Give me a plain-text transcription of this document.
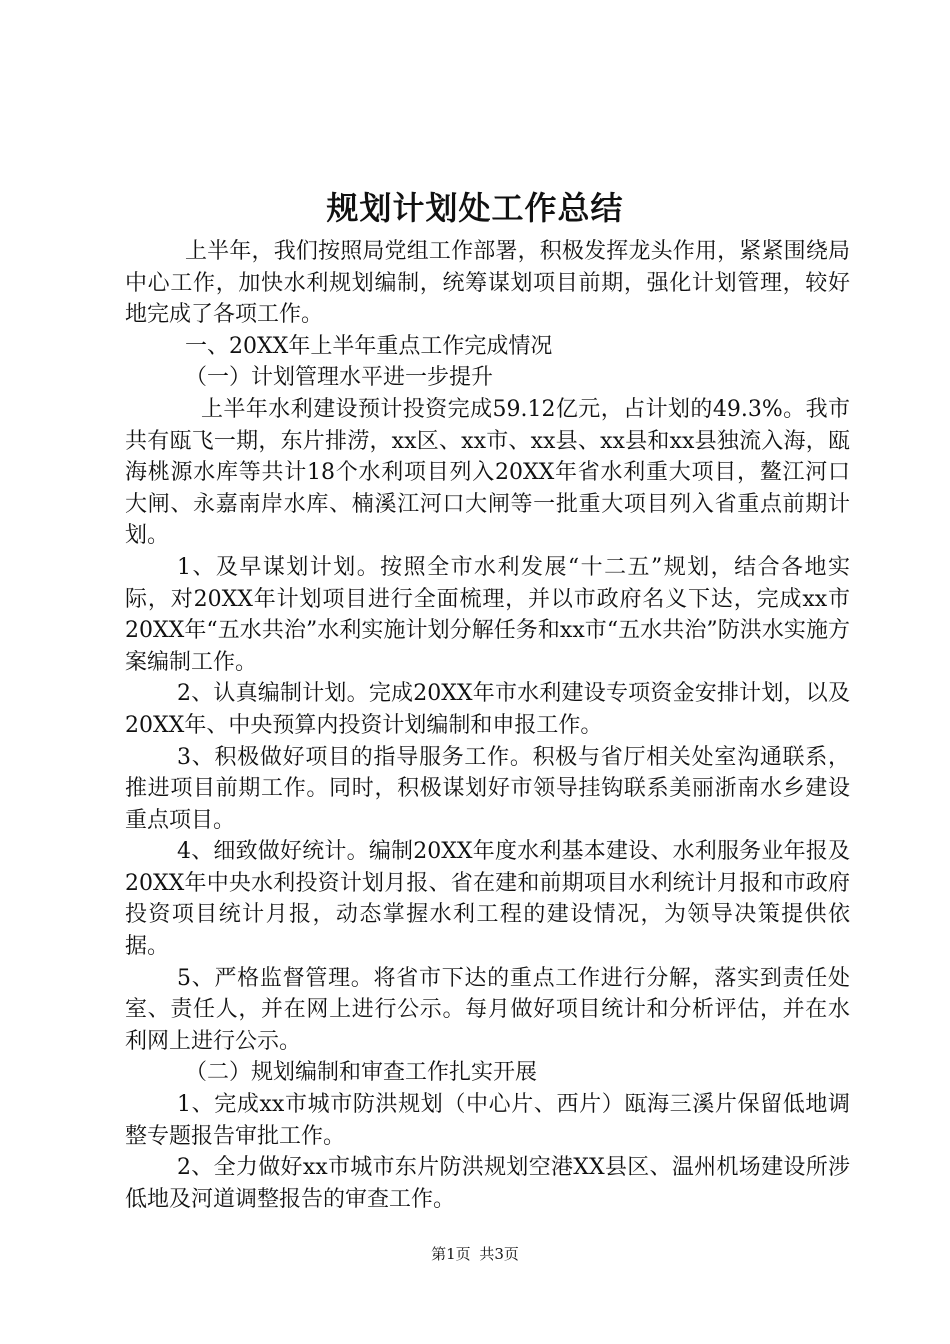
规划计划处工作总结

上半年，我们按照局党组工作部署，积极发挥龙头作用，紧紧围绕局中心工作，加快水利规划编制，统筹谋划项目前期，强化计划管理，较好地完成了各项工作。

一、20XX年上半年重点工作完成情况

（一）计划管理水平进一步提升

上半年水利建设预计投资完成59.12亿元，占计划的49.3%。我市共有瓯飞一期，东片排涝，xx区、xx市、xx县、xx县和xx县独流入海，瓯海桃源水库等共计18个水利项目列入20XX年省水利重大项目，鳌江河口大闸、永嘉南岸水库、楠溪江河口大闸等一批重大项目列入省重点前期计划。

1、及早谋划计划。按照全市水利发展“十二五”规划，结合各地实际，对20XX年计划项目进行全面梳理，并以市政府名义下达，完成xx市20XX年“五水共治”水利实施计划分解任务和xx市“五水共治”防洪水实施方案编制工作。

2、认真编制计划。完成20XX年市水利建设专项资金安排计划，以及20XX年、中央预算内投资计划编制和申报工作。

3、积极做好项目的指导服务工作。积极与省厅相关处室沟通联系，推进项目前期工作。同时，积极谋划好市领导挂钩联系美丽浙南水乡建设重点项目。

4、细致做好统计。编制20XX年度水利基本建设、水利服务业年报及20XX年中央水利投资计划月报、省在建和前期项目水利统计月报和市政府投资项目统计月报，动态掌握水利工程的建设情况，为领导决策提供依据。

5、严格监督管理。将省市下达的重点工作进行分解，落实到责任处室、责任人，并在网上进行公示。每月做好项目统计和分析评估，并在水利网上进行公示。

（二）规划编制和审查工作扎实开展

1、完成xx市城市防洪规划（中心片、西片）瓯海三溪片保留低地调整专题报告审批工作。

2、全力做好xx市城市东片防洪规划空港XX县区、温州机场建设所涉低地及河道调整报告的审查工作。

第1页 共3页
